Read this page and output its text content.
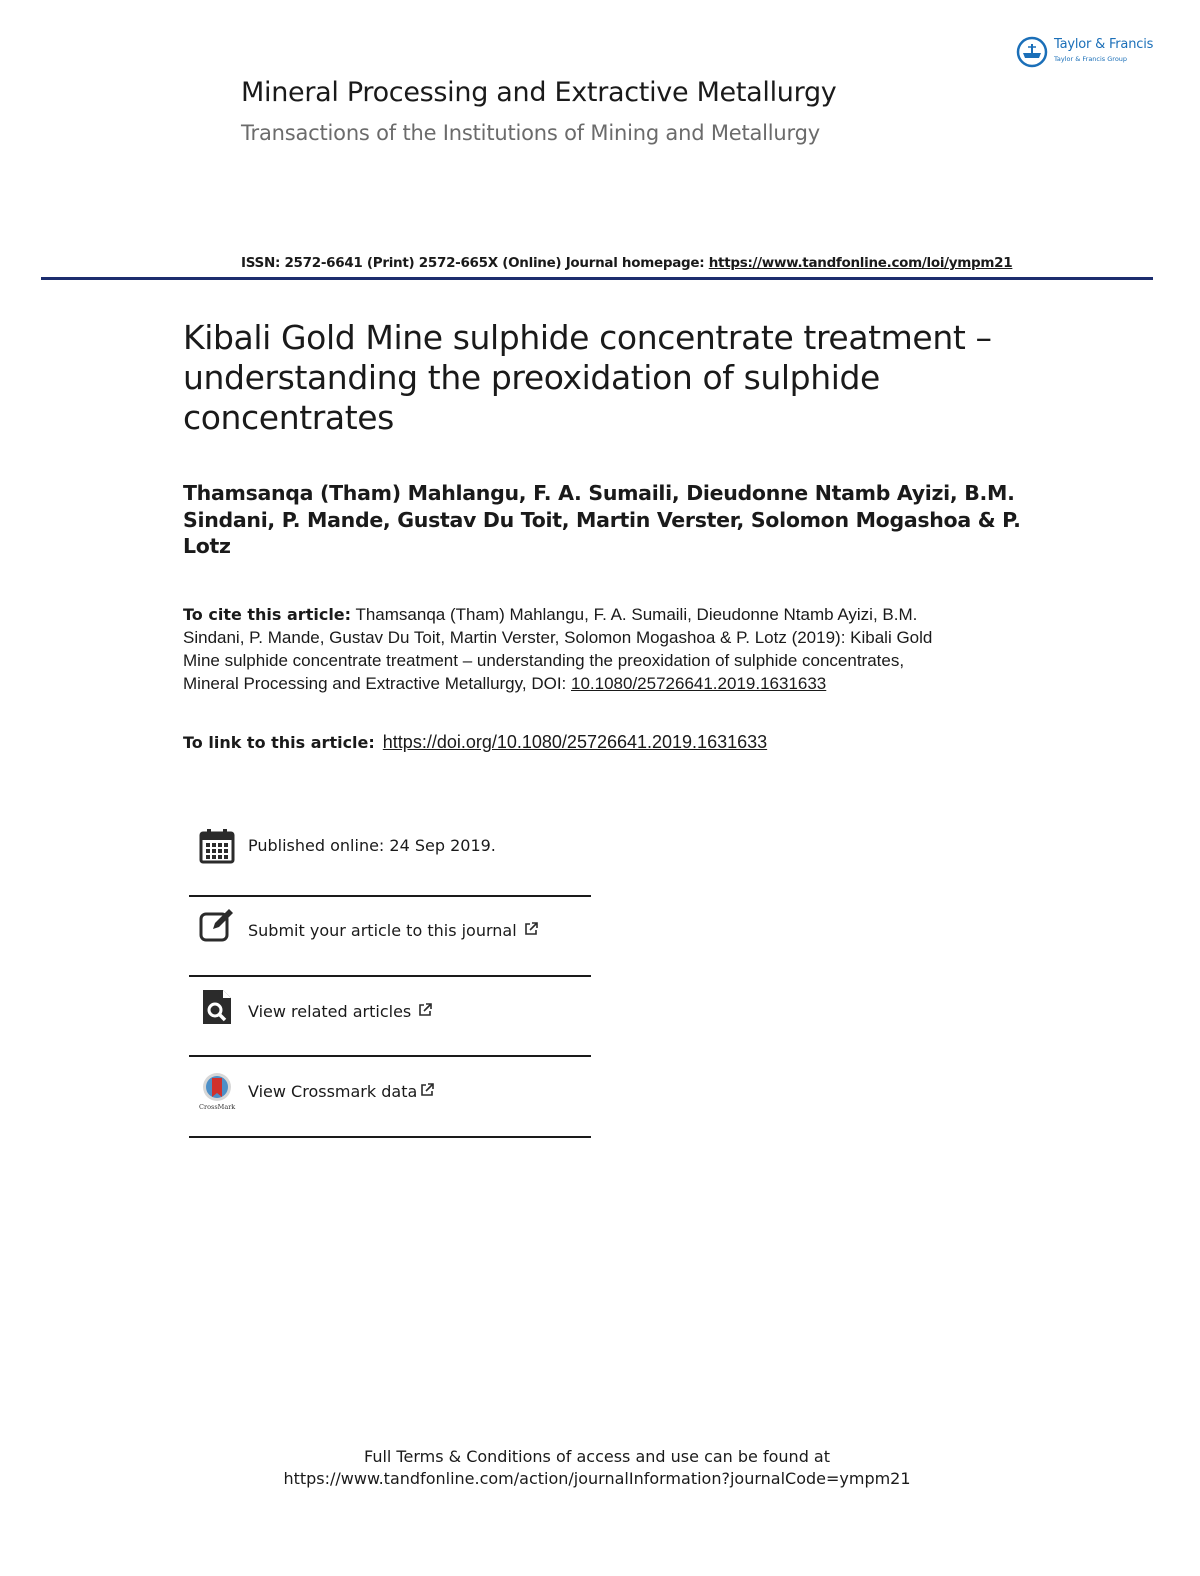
Taylor & Francis
Taylor & Francis Group
Mineral Processing and Extractive Metallurgy
Transactions of the Institutions of Mining and Metallurgy
ISSN: 2572-6641 (Print) 2572-665X (Online) Journal homepage: https://www.tandfonline.com/loi/ympm21
Kibali Gold Mine sulphide concentrate treatment – understanding the preoxidation of sulphide concentrates
Thamsanqa (Tham) Mahlangu, F. A. Sumaili, Dieudonne Ntamb Ayizi, B.M. Sindani, P. Mande, Gustav Du Toit, Martin Verster, Solomon Mogashoa & P. Lotz
To cite this article: Thamsanqa (Tham) Mahlangu, F. A. Sumaili, Dieudonne Ntamb Ayizi, B.M. Sindani, P. Mande, Gustav Du Toit, Martin Verster, Solomon Mogashoa & P. Lotz (2019): Kibali Gold Mine sulphide concentrate treatment – understanding the preoxidation of sulphide concentrates, Mineral Processing and Extractive Metallurgy, DOI: 10.1080/25726641.2019.1631633
To link to this article: https://doi.org/10.1080/25726641.2019.1631633
Published online: 24 Sep 2019.
Submit your article to this journal
View related articles
CrossMark
View Crossmark data
Full Terms & Conditions of access and use can be found at
https://www.tandfonline.com/action/journalInformation?journalCode=ympm21
